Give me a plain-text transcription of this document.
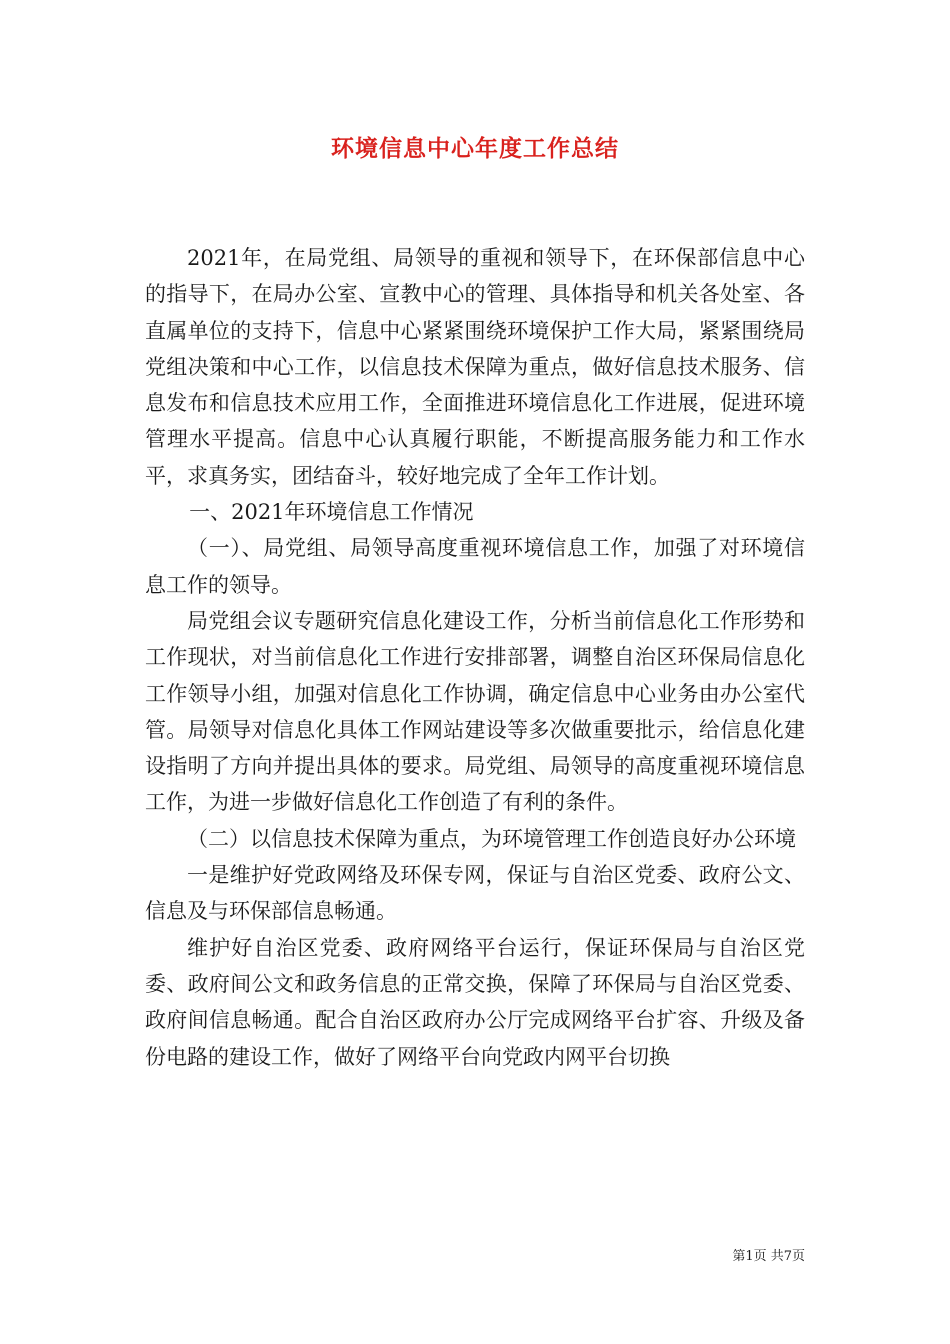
环境信息中心年度工作总结

2021年，在局党组、局领导的重视和领导下，在环保部信息中心的指导下，在局办公室、宣教中心的管理、具体指导和机关各处室、各直属单位的支持下，信息中心紧紧围绕环境保护工作大局，紧紧围绕局党组决策和中心工作，以信息技术保障为重点，做好信息技术服务、信息发布和信息技术应用工作，全面推进环境信息化工作进展，促进环境管理水平提高。信息中心认真履行职能，不断提高服务能力和工作水平，求真务实，团结奋斗，较好地完成了全年工作计划。

一、2021年环境信息工作情况

（一）、局党组、局领导高度重视环境信息工作，加强了对环境信息工作的领导。

局党组会议专题研究信息化建设工作，分析当前信息化工作形势和工作现状，对当前信息化工作进行安排部署，调整自治区环保局信息化工作领导小组，加强对信息化工作协调，确定信息中心业务由办公室代管。局领导对信息化具体工作网站建设等多次做重要批示，给信息化建设指明了方向并提出具体的要求。局党组、局领导的高度重视环境信息工作，为进一步做好信息化工作创造了有利的条件。

（二）以信息技术保障为重点，为环境管理工作创造良好办公环境

一是维护好党政网络及环保专网，保证与自治区党委、政府公文、信息及与环保部信息畅通。

维护好自治区党委、政府网络平台运行，保证环保局与自治区党委、政府间公文和政务信息的正常交换，保障了环保局与自治区党委、政府间信息畅通。配合自治区政府办公厅完成网络平台扩容、升级及备份电路的建设工作，做好了网络平台向党政内网平台切换

第1页 共7页
